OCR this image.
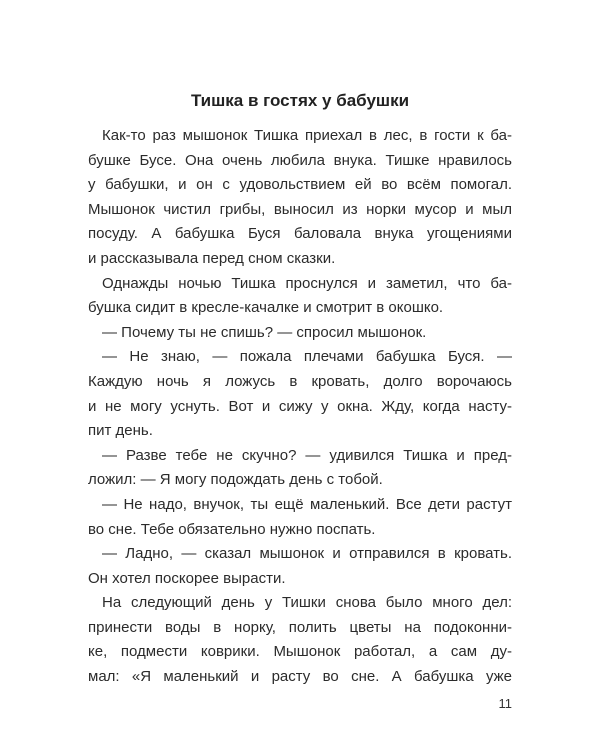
Тишка в гостях у бабушки
Как-то раз мышонок Тишка приехал в лес, в гости к ба-
бушке Бусе. Она очень любила внука. Тишке нравилось
у бабушки, и он с удовольствием ей во всём помогал.
Мышонок чистил грибы, выносил из норки мусор и мыл
посуду. А бабушка Буся баловала внука угощениями
и рассказывала перед сном сказки.
Однажды ночью Тишка проснулся и заметил, что ба-
бушка сидит в кресле-качалке и смотрит в окошко.
— Почему ты не спишь? — спросил мышонок.
— Не знаю, — пожала плечами бабушка Буся. —
Каждую ночь я ложусь в кровать, долго ворочаюсь
и не могу уснуть. Вот и сижу у окна. Жду, когда насту-
пит день.
— Разве тебе не скучно? — удивился Тишка и пред-
ложил: — Я могу подождать день с тобой.
— Не надо, внучок, ты ещё маленький. Все дети растут
во сне. Тебе обязательно нужно поспать.
— Ладно, — сказал мышонок и отправился в кровать.
Он хотел поскорее вырасти.
На следующий день у Тишки снова было много дел:
принести воды в норку, полить цветы на подоконни-
ке, подмести коврики. Мышонок работал, а сам ду-
мал: «Я маленький и расту во сне. А бабушка уже
11
